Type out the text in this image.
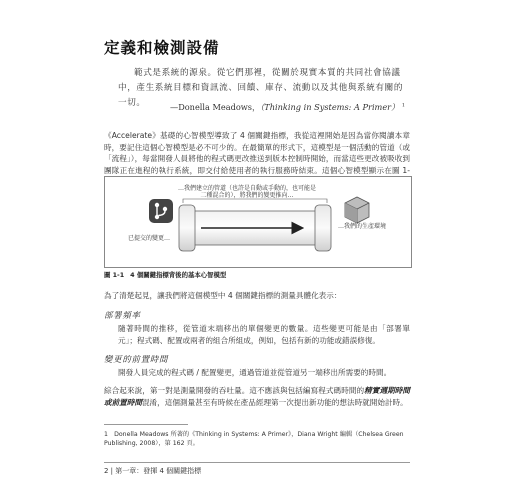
定義和檢測設備
範式是系統的源泉。從它們那裡，從關於現實本質的共同社會協議中，產生系統目標和資訊流、回饋、庫存、流動以及其他與系統有關的一切。	—Donella Meadows，（Thinking in Systems: A Primer） $^1$
《Accelerate》基礎的心智模型導致了 4 個關鍵指標，我從這裡開始是因為當你閱讀本章時，要記住這個心智模型是必不可少的。在最簡單的形式下，這模型是一個活動的管道（或「流程」），每當開發人員將他的程式碼更改推送到版本控制時開始，而當這些更改被吸收到團隊正在進程的執行系統，即交付給使用者的執行服務時結束。這個心智模型顯示在圖 1-
…我們建立的管道（也許是自動或手動的，也可能是二種混合的），將我們的變更推向…
已提交的變更…
…我們的生產環境
圖 1-1 4 個關鍵指標背後的基本心智模型
為了清楚起見，讓我們將這個模型中 4 個關鍵指標的測量具體化表示：
部署頻率
隨著時間的推移，從管道末端移出的單個變更的數量。這些變更可能是由「部署單元」；程式碼、配置或兩者的組合所組成，例如，包括有新的功能或錯誤修復。
變更的前置時間
開發人員完成的程式碼 / 配置變更，通過管道並從管道另一端移出所需要的時間。
綜合起來說，第一對是測量開發的吞吐量。這不應該與包括編寫程式碼時間的精實週期時間或前置時間混淆，這個測量甚至有時候在產品經理第一次提出新功能的想法時就開始計時。
1　Donella Meadows 所著的《Thinking in Systems: A Primer》，Diana Wright 編輯（Chelsea Green Publishing, 2008），第 162 頁。
2 | 第一章：發揮 4 個關鍵指標
